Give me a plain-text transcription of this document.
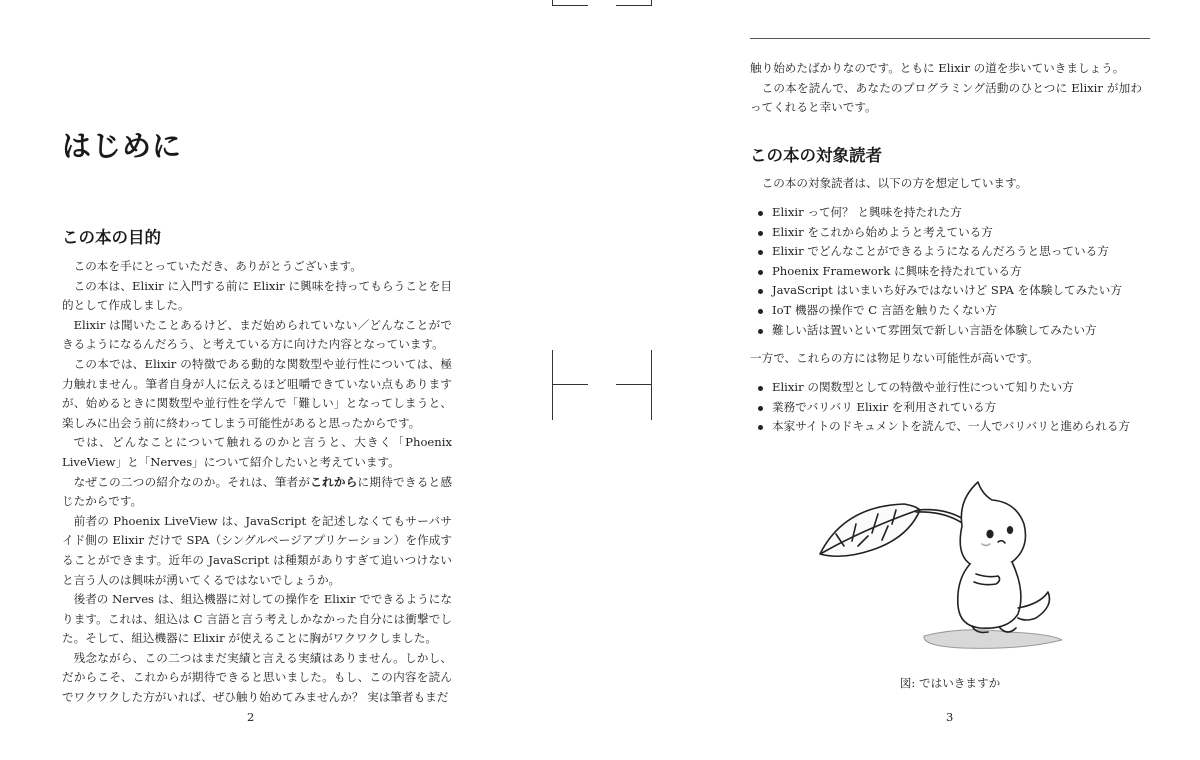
はじめに
この本の目的

この本を手にとっていただき、ありがとうございます。

この本は、Elixir に入門する前に Elixir に興味を持ってもらうことを目的として作成しました。

Elixir は聞いたことあるけど、まだ始められていない／どんなことができるようになるんだろう、と考えている方に向けた内容となっています。

この本では、Elixir の特徴である動的な関数型や並行性については、極力触れません。筆者自身が人に伝えるほど咀嚼できていない点もありますが、始めるときに関数型や並行性を学んで「難しい」となってしまうと、楽しみに出会う前に終わってしまう可能性があると思ったからです。

では、どんなことについて触れるのかと言うと、大きく「Phoenix LiveView」と「Nerves」について紹介したいと考えています。

なぜこの二つの紹介なのか。それは、筆者がこれからに期待できると感じたからです。

前者の Phoenix LiveView は、JavaScript を記述しなくてもサーバサイド側の Elixir だけで SPA（シングルページアプリケーション）を作成することができます。近年の JavaScript は種類がありすぎて追いつけないと言う人のは興味が湧いてくるではないでしょうか。

後者の Nerves は、組込機器に対しての操作を Elixir でできるようになります。これは、組込は C 言語と言う考えしかなかった自分には衝撃でした。そして、組込機器に Elixir が使えることに胸がワクワクしました。

残念ながら、この二つはまだ実績と言える実績はありません。しかし、だからこそ、これからが期待できると思いました。もし、この内容を読んでワクワクした方がいれば、ぜひ触り始めてみませんか？ 実は筆者もまだ

2

触り始めたばかりなのです。ともに Elixir の道を歩いていきましょう。

この本を読んで、あなたのプログラミング活動のひとつに Elixir が加わってくれると幸いです。

この本の対象読者

この本の対象読者は、以下の方を想定しています。

Elixir って何？ と興味を持たれた方
Elixir をこれから始めようと考えている方
Elixir でどんなことができるようになるんだろうと思っている方
Phoenix Framework に興味を持たれている方
JavaScript はいまいち好みではないけど SPA を体験してみたい方
IoT 機器の操作で C 言語を触りたくない方
難しい話は置いといて雰囲気で新しい言語を体験してみたい方

一方で、これらの方には物足りない可能性が高いです。

Elixir の関数型としての特徴や並行性について知りたい方
業務でバリバリ Elixir を利用されている方
本家サイトのドキュメントを読んで、一人でバリバリと進められる方
図: ではいきますか
3
